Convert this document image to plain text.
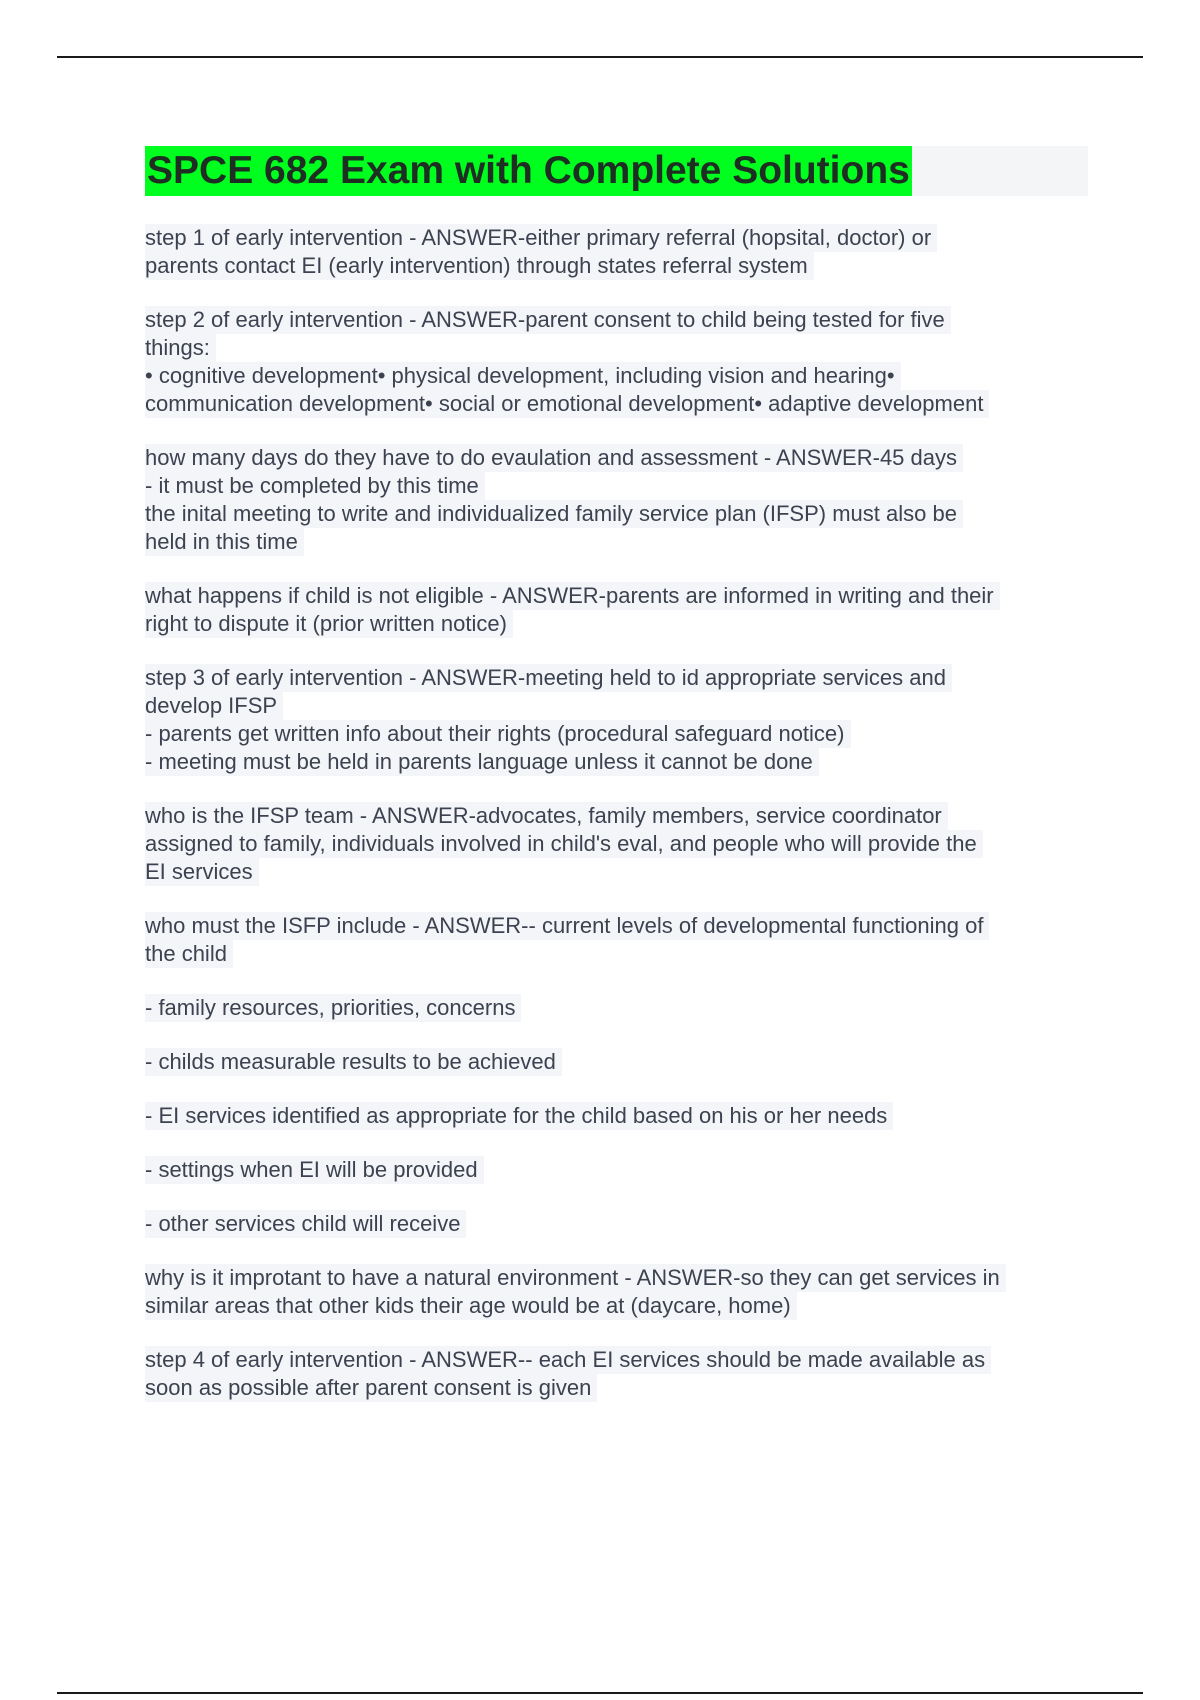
SPCE 682 Exam with Complete Solutions
step 1 of early intervention - ANSWER-either primary referral (hopsital, doctor) or
parents contact EI (early intervention) through states referral system
step 2 of early intervention - ANSWER-parent consent to child being tested for five
things:
• cognitive development• physical development, including vision and hearing•
communication development• social or emotional development• adaptive development
how many days do they have to do evaulation and assessment - ANSWER-45 days
- it must be completed by this time
the inital meeting to write and individualized family service plan (IFSP) must also be
held in this time
what happens if child is not eligible - ANSWER-parents are informed in writing and their
right to dispute it (prior written notice)
step 3 of early intervention - ANSWER-meeting held to id appropriate services and
develop IFSP
- parents get written info about their rights (procedural safeguard notice)
- meeting must be held in parents language unless it cannot be done
who is the IFSP team - ANSWER-advocates, family members, service coordinator
assigned to family, individuals involved in child's eval, and people who will provide the
EI services
who must the ISFP include - ANSWER-- current levels of developmental functioning of
the child
- family resources, priorities, concerns
- childs measurable results to be achieved
- EI services identified as appropriate for the child based on his or her needs
- settings when EI will be provided
- other services child will receive
why is it improtant to have a natural environment - ANSWER-so they can get services in
similar areas that other kids their age would be at (daycare, home)
step 4 of early intervention - ANSWER-- each EI services should be made available as
soon as possible after parent consent is given
